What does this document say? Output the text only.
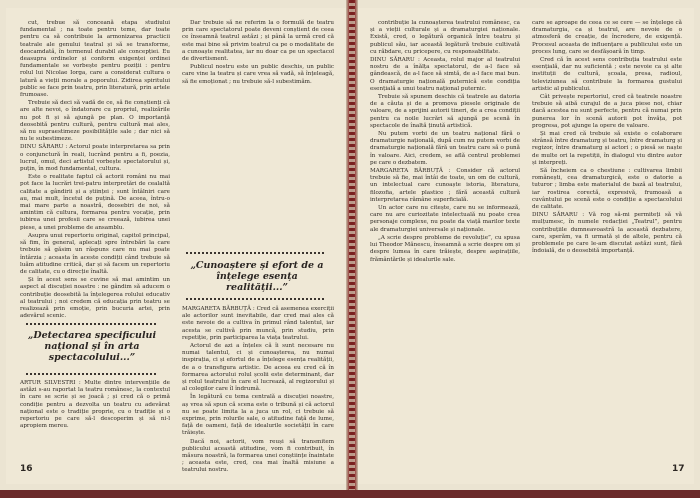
cut, trebue să conceană etapa studiului fundamental ; na toate pentru teme, dar toate pentru ca să contribuie la armonizarea practicii teatrale ale genului teatral și să se transforme, deocamdată, în termenul durabil ale concepției. Eu deasupra ordinelor și conform exigenței ordinei fundamentale se vorbește pentru poziții : pentru rolul lui Nicolae Iorga, care a considerat cultura o latură a vieții morale a poporului. Zidirea spiritului public se face prin teatru, prin literatură, prin artele frumoase.

Trebuie să deci să vadă de ce, să fie conștienți că are alte nevoi, o îndatorare cu propriul, realizările nu pot fi și să ajungă pe plan. O importanță deosebită pentru cultură, pentru cultură mai ales, să nu supraestimeze posibilitățile sale ; dar nici să nu le subestimeze.

DINU SĂRARU : Actorul poate interpretarea sa prin o conjunctură în reali, lucrând pentru a fi, poezia, lucrul, omul, deci artistul vorbește spectatorului și, puțin, în mod fundamental, cultura.

Este o realitate faptul că actorii români nu mai pot face la lucrări trei-patru interpretări de cealaltă calitate a gândirii și a științei ; sunt întâlniri care au, mai mult, încetul de puțină. De aceea, întru-o mai mare parte a noastră, deosebiri de noi, să amintim că cultura, formarea pentru vocație, prin iubirea unei profesii care se creează, iubirea unei piese, a unei probleme de ansamblu.

Asupra unui repertoriu original, capitol principal, să fim, în general, aplecați spre întrebări la care trebuie să găsim un răspuns care nu mai poate întârzia ; aceasta în aceste condiții când trebuie să luăm atitudine critică, dar și să facem un repertoriu de calitate, cu o direcție înaltă.

Și în acest sens se cuvine să mai amintim un aspect al discuției noastre : ne gândim să aducem o contribuție deosebită la înțelegerea rolului educativ al teatrului ; noi credem că educația prin teatru se realizează prin emoție, prin bucuria artei, prin adevărul scenic.

„Detectarea specificului național și în arta spectacolului...”

ARTUR SILVESTRI : Multe dintre intervențiile de astăzi s-au raportat la teatru românesc, la contextul în care se scrie și se joacă ; și cred că o primă condiție pentru a dezvolta un teatru cu adevărat național este o tradiție proprie, cu o tradiție și o repertoriu pe care să-l descoperim și să ni-l apropiem mereu.

Dar trebuie să ne referim la o formulă de teatru prin care spectatorul poate deveni conștient de ceea ce înseamnă teatrul astăzi ; și până la urmă cred că este mai bine să privim teatrul ca pe o modalitate de a cunoaște realitatea, iar nu doar ca pe un spectacol de divertisment.

Publicul nostru este un public deschis, un public care vine la teatru și care vrea să vadă, să înțeleagă, să fie emoționat ; nu trebuie să-l subestimăm.

„Cunoaștere și efort de a înțelege esența realității...”

MARGARETA BĂRBUȚĂ : Cred că asemenea exerciții ale actorilor sunt inevitabile, dar cred mai ales că este nevoie de a cultiva în primul rând talentul, iar acesta se cultivă prin muncă, prin studiu, prin repetiție, prin participarea la viața teatrului.

Actorul de azi a înțeles că îi sunt necesare nu numai talentul, ci și cunoașterea, nu numai inspirația, ci și efortul de a înțelege esența realității, de a o transfigura artistic. De aceea eu cred că în formarea actorului rolul școlii este determinant, dar și rolul teatrului în care el lucrează, al regizorului și al colegilor care îl îndrumă.

În legătură cu tema centrală a discuției noastre, aș vrea să spun că scena este o tribună și că actorul nu se poate limita la a juca un rol, ci trebuie să exprime, prin rolurile sale, o atitudine față de lume, față de oameni, față de idealurile societății în care trăiește.

Dacă noi, actorii, vom reuși să transmitem publicului această atitudine, vom fi contribuit, în măsura noastră, la formarea unei conștiințe înaintate ; aceasta este, cred, cea mai înaltă misiune a teatrului nostru.

16

contribuție la cunoașterea teatrului românesc, ca și a vieții culturale și a dramaturgiei naționale. Există, cred, o legătură organică între teatru și publicul său, iar această legătură trebuie cultivată cu răbdare, cu pricepere, cu responsabilitate.

DINU SĂRARU : Aceasta, rolul major al teatrului nostru de a înălța spectatorul, de a-l face să gândească, de a-l face să simtă, de a-l face mai bun. O dramaturgie națională puternică este condiția esențială a unui teatru național puternic.

Trebuie să spunem deschis că teatrele au datoria de a căuta și de a promova piesele originale de valoare, de a sprijini autorii tineri, de a crea condiții pentru ca noile lucrări să ajungă pe scenă în spectacole de înaltă ținută artistică.

Nu putem vorbi de un teatru național fără o dramaturgie națională, după cum nu putem vorbi de dramaturgie națională fără un teatru care să o pună în valoare. Aici, credem, se află centrul problemei pe care o dezbatem.

MARGARETA BĂRBUȚĂ : Consider că actorul trebuie să fie, mai întâi de toate, un om de cultură, un intelectual care cunoaște istoria, literatura, filozofia, artele plastice ; fără această cultură interpretarea rămâne superficială.

Un actor care nu citește, care nu se informează, care nu are curiozitate intelectuală nu poate crea personaje complexe, nu poate da viață marilor texte ale dramaturgiei universale și naționale.

„A scrie despre probleme de revoluție”, cu spusa lui Theodor Mănescu, înseamnă a scrie despre om și despre lumea în care trăiește, despre aspirațiile, frământările și idealurile sale.

care se aproape de ceea ce se cere — se înțelege că dramaturgia, ca și teatrul, are nevoie de o atmosferă de creație, de încredere, de exigență. Procesul aceasta de influențare a publicului este un proces lung, care se desfășoară în timp.

Cred că în acest sens contribuția teatrului este esențială, dar nu suficientă ; este nevoie ca și alte instituții de cultură, școala, presa, radioul, televiziunea să contribuie la formarea gustului artistic al publicului.

Cât privește repertoriul, cred că teatrele noastre trebuie să aibă curajul de a juca piese noi, chiar dacă acestea nu sunt perfecte, pentru că numai prin punerea lor în scenă autorii pot învăța, pot progresa, pot ajunge la opere de valoare.

Și mai cred că trebuie să existe o colaborare strânsă între dramaturg și teatru, între dramaturg și regizor, între dramaturg și actori ; o piesă se naște de multe ori la repetiții, în dialogul viu dintre autor și interpreți.

Să încheiem ca o chestiune : cultivarea limbii românești, cea dramaturgică, este o datorie a tuturor ; limba este materialul de bază al teatrului, iar rostirea corectă, expresivă, frumoasă a cuvântului pe scenă este o condiție a spectacolului de calitate.

DINU SĂRARU : Vă rog să-mi permiteți să vă mulțumesc, în numele redacției „Teatrul”, pentru contribuțiile dumneavoastră la această dezbatere, care, sperăm, va fi urmată și de altele, pentru că problemele pe care le-am discutat astăzi sunt, fără îndoială, de o deosebită importanță.

17
